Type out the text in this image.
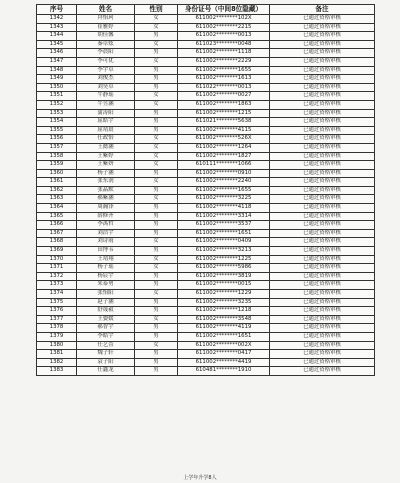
序号	姓名	性别	身份证号（中间8位隐藏）	备注
1342	拜怡珂	女	611002********102X	已通过资格审核
1343	崔雅婷	女	611002********2215	已通过资格审核
1344	胡佳馨	男	611002********0013	已通过资格审核
1345	秦卓炫	女	611023********0048	已通过资格审核
1346	李晨阳	男	611002********1118	已通过资格审核
1347	李可优	女	611002********2229	已通过资格审核
1348	李宇卓	男	611002********1655	已通过资格审核
1349	刘俊杰	男	611002********1613	已通过资格审核
1350	刘昊卓	男	611022********0013	已通过资格审核
1351	牛静瑶	女	611002********0027	已通过资格审核
1352	牛昱涵	女	611002********1863	已通过资格审核
1353	蒲涛阳	男	611002********1215	已通过资格审核
1354	屈皓宇	男	611021********5638	已通过资格审核
1355	屈靖晨	男	611002********4115	已通过资格审核
1356	任政怡	女	611002********526X	已通过资格审核
1357	王懿涵	女	611002********1264	已通过资格审核
1358	王紫婷	女	611002********1827	已通过资格审核
1359	王紫妍	女	610111********1066	已通过资格审核
1360	杨子涵	男	611002********0910	已通过资格审核
1361	张东润	女	611002********2240	已通过资格审核
1362	张晶默	男	611002********1655	已通过资格审核
1363	郝紫涵	女	611002********3225	已通过资格审核
1364	周瀚泽	男	611002********4118	已通过资格审核
1365	薛修齐	男	611002********3314	已通过资格审核
1366	李禹哲	男	611002********3537	已通过资格审核
1367	刘浩宇	男	611002********1651	已通过资格审核
1368	刘诗雨	女	611002********0409	已通过资格审核
1369	田博韦	男	611002********3213	已通过资格审核
1370	王靖翔	女	611002********1225	已通过资格审核
1371	杨子瑶	女	611002********5986	已通过资格审核
1372	杨宸宇	男	611002********3819	已通过资格审核
1373	朱泰勇	男	611002********0015	已通过资格审核
1374	张怡阳	女	611002********1229	已通过资格审核
1375	赵子涵	男	611002********3235	已通过资格审核
1376	舒晟毅	男	611002********1218	已通过资格审核
1377	王姿媛	女	611002********3548	已通过资格审核
1378	郝智宇	男	611002********4119	已通过资格审核
1379	李皓宇	男	611002********1651	已通过资格审核
1380	任艺萱	女	611002********002X	已通过资格审核
1381	魏子轩	男	611002********0417	已通过资格审核
1382	袁子阳	男	611002********4419	已通过资格审核
1383	任鑫龙	男	610481********1910	已通过资格审核
上学年升学8人
